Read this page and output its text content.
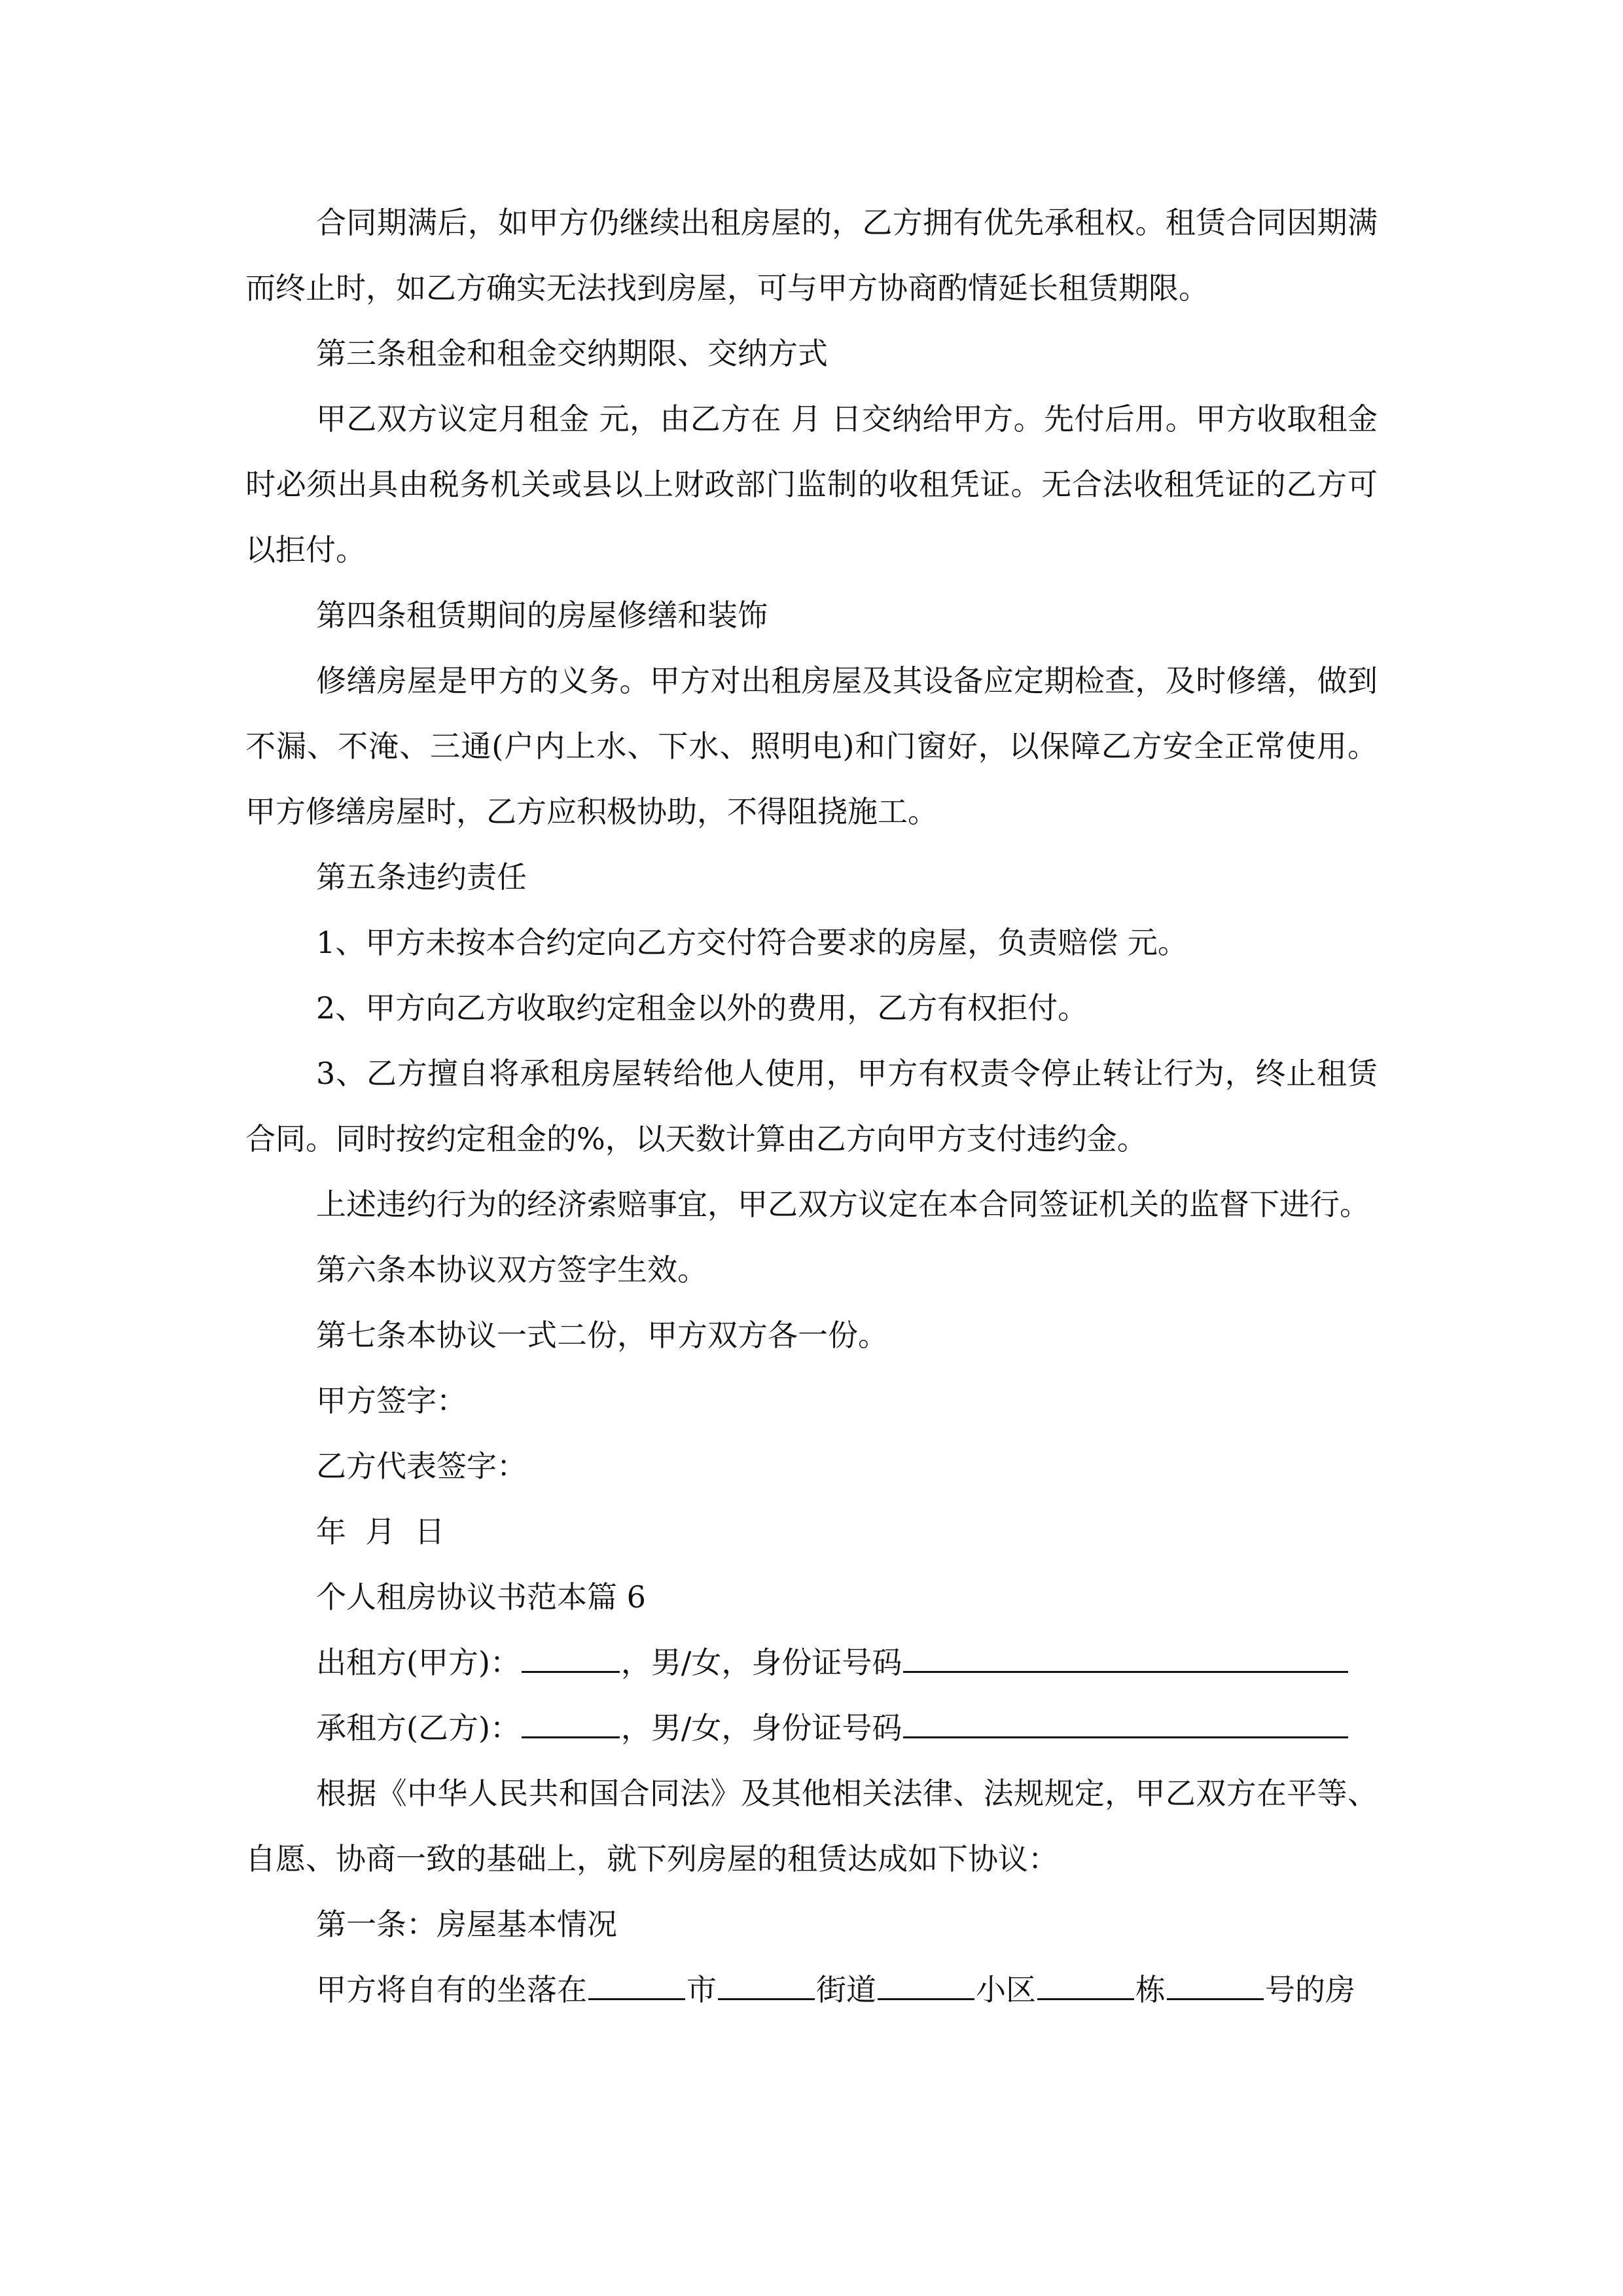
合同期满后，如甲方仍继续出租房屋的，乙方拥有优先承租权。租赁合同因期满而终止时，如乙方确实无法找到房屋，可与甲方协商酌情延长租赁期限。

第三条租金和租金交纳期限、交纳方式

甲乙双方议定月租金 元，由乙方在 月 日交纳给甲方。先付后用。甲方收取租金时必须出具由税务机关或县以上财政部门监制的收租凭证。无合法收租凭证的乙方可以拒付。

第四条租赁期间的房屋修缮和装饰

修缮房屋是甲方的义务。甲方对出租房屋及其设备应定期检查，及时修缮，做到不漏、不淹、三通(户内上水、下水、照明电)和门窗好，以保障乙方安全正常使用。甲方修缮房屋时，乙方应积极协助，不得阻挠施工。

第五条违约责任

1、甲方未按本合约定向乙方交付符合要求的房屋，负责赔偿 元。

2、甲方向乙方收取约定租金以外的费用，乙方有权拒付。

3、乙方擅自将承租房屋转给他人使用，甲方有权责令停止转让行为，终止租赁合同。同时按约定租金的%，以天数计算由乙方向甲方支付违约金。

上述违约行为的经济索赔事宜，甲乙双方议定在本合同签证机关的监督下进行。

第六条本协议双方签字生效。

第七条本协议一式二份，甲方双方各一份。

甲方签字：

乙方代表签字：

年  月  日

个人租房协议书范本篇 6

出租方(甲方)：	，男/女，身份证号码

承租方(乙方)：	，男/女，身份证号码

根据《中华人民共和国合同法》及其他相关法律、法规规定，甲乙双方在平等、自愿、协商一致的基础上，就下列房屋的租赁达成如下协议：

第一条：房屋基本情况

甲方将自有的坐落在	市	街道	小区	栋	号的房
